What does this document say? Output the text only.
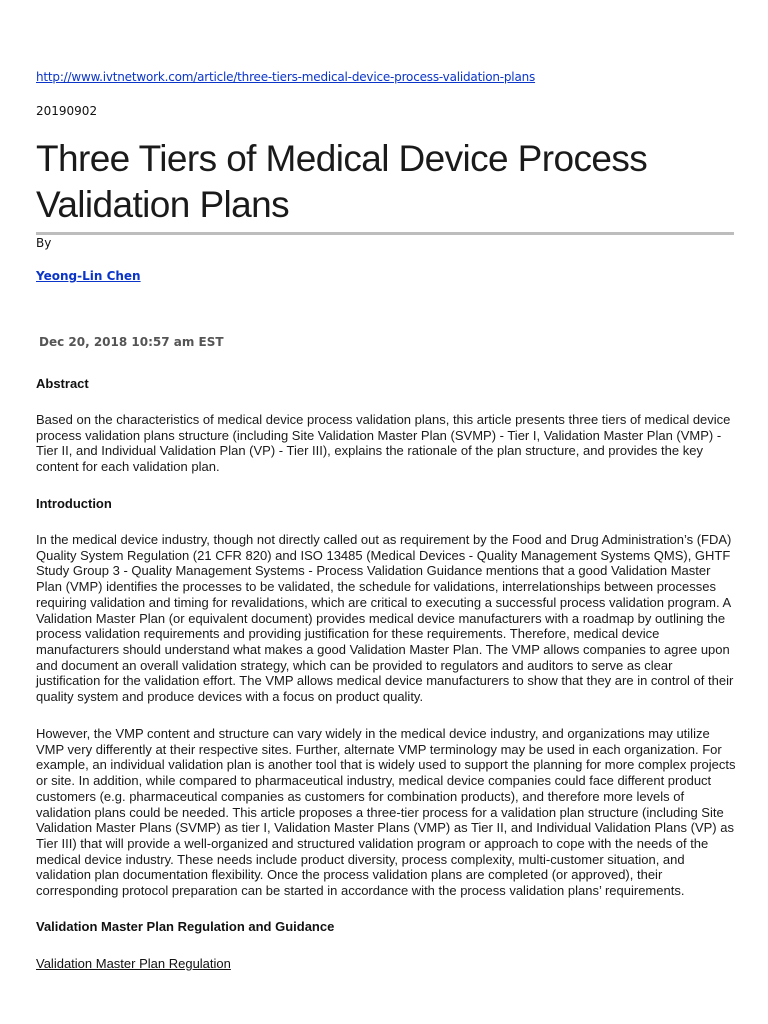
http://www.ivtnetwork.com/article/three-tiers-medical-device-process-validation-plans
20190902
Three Tiers of Medical Device Process Validation Plans
By
Yeong-Lin Chen
Dec 20, 2018 10:57 am EST
Abstract

Based on the characteristics of medical device process validation plans, this article presents three tiers of medical device process validation plans structure (including Site Validation Master Plan (SVMP) - Tier I, Validation Master Plan (VMP) - Tier II, and Individual Validation Plan (VP) - Tier III), explains the rationale of the plan structure, and provides the key content for each validation plan.

Introduction

In the medical device industry, though not directly called out as requirement by the Food and Drug Administration’s (FDA) Quality System Regulation (21 CFR 820) and ISO 13485 (Medical Devices - Quality Management Systems QMS), GHTF Study Group 3 - Quality Management Systems - Process Validation Guidance mentions that a good Validation Master Plan (VMP) identifies the processes to be validated, the schedule for validations, interrelationships between processes requiring validation and timing for revalidations, which are critical to executing a successful process validation program. A Validation Master Plan (or equivalent document) provides medical device manufacturers with a roadmap by outlining the process validation requirements and providing justification for these requirements. Therefore, medical device manufacturers should understand what makes a good Validation Master Plan. The VMP allows companies to agree upon and document an overall validation strategy, which can be provided to regulators and auditors to serve as clear justification for the validation effort. The VMP allows medical device manufacturers to show that they are in control of their quality system and produce devices with a focus on product quality.

However, the VMP content and structure can vary widely in the medical device industry, and organizations may utilize VMP very differently at their respective sites. Further, alternate VMP terminology may be used in each organization. For example, an individual validation plan is another tool that is widely used to support the planning for more complex projects or site. In addition, while compared to pharmaceutical industry, medical device companies could face different product customers (e.g. pharmaceutical companies as customers for combination products), and therefore more levels of validation plans could be needed. This article proposes a three-tier process for a validation plan structure (including Site Validation Master Plans (SVMP) as tier I, Validation Master Plans (VMP) as Tier II, and Individual Validation Plans (VP) as Tier III) that will provide a well-organized and structured validation program or approach to cope with the needs of the medical device industry. These needs include product diversity, process complexity, multi-customer situation, and validation plan documentation flexibility. Once the process validation plans are completed (or approved), their corresponding protocol preparation can be started in accordance with the process validation plans’ requirements.

Validation Master Plan Regulation and Guidance
Validation Master Plan Regulation
